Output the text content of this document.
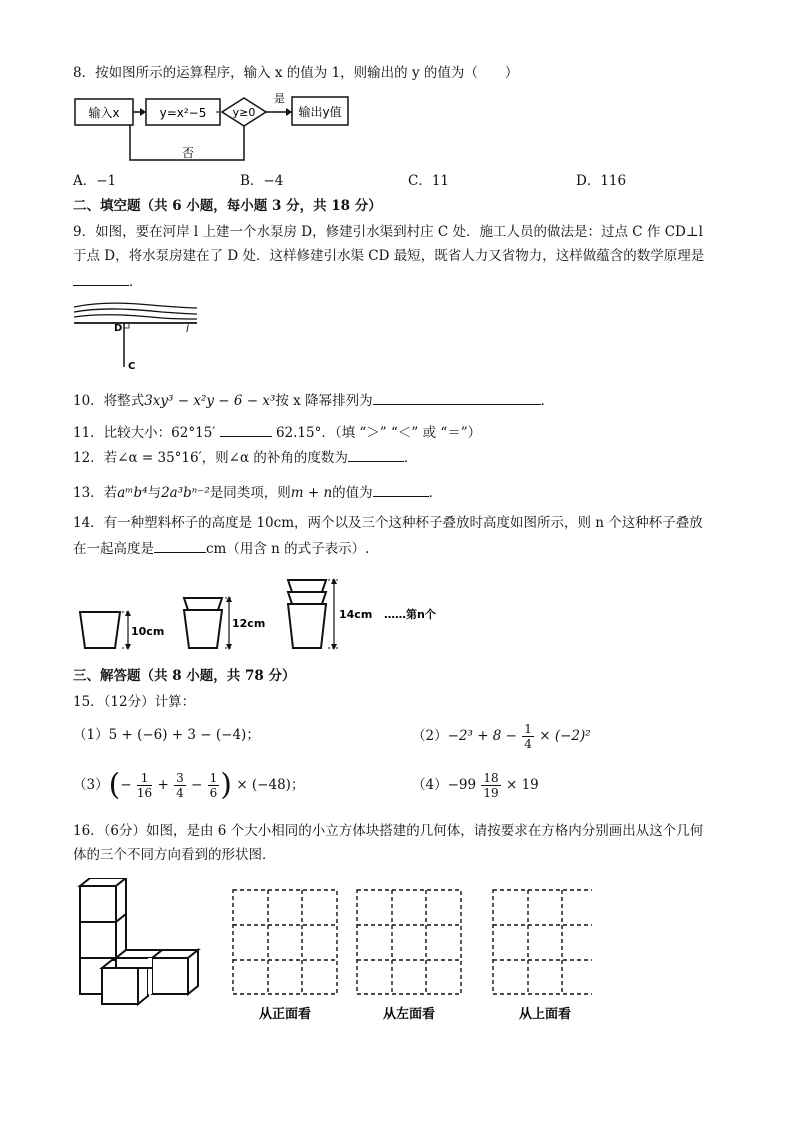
8．按如图所示的运算程序，输入 x 的值为 1，则输出的 y 的值为（　　）
输入x	y=x²−5 y≥0
是
输出y值
否
A．−1	B．−4	C．11	D．116
二、填空题（共 6 小题，每小题 3 分，共 18 分）
9．如图，要在河岸 l 上建一个水泵房 D，修建引水渠到村庄 C 处．施工人员的做法是：过点 C 作 CD⊥l
于点 D，将水泵房建在了 D 处．这样修建引水渠 CD 最短，既省人力又省物力，这样做蕴含的数学原理是
．
D	l
C
10．将整式3xy³ − x²y − 6 − x³按 x 降幂排列为	．
11．比较大小：62°15′	62.15°．（填 “＞” “＜” 或 “＝”）
12．若∠α = 35°16′，则∠α 的补角的度数为	．
13．若aᵐb⁴与2a³bⁿ⁻²是同类项，则m + n的值为	．
14．有一种塑料杯子的高度是 10cm，两个以及三个这种杯子叠放时高度如图所示，则 n 个这种杯子叠放
在一起高度是	cm（用含 n 的式子表示）.
10cm
12cm
14cm ……第n个
三、解答题（共 8 小题，共 78 分）
15．（12分）计算：
（1）5 + (−6) + 3 − (−4)；	$(2)-2^3 + 8 - \frac{1}{4} \times (-2)^2$
$(3)(- \frac{1}{16} + \frac{3}{4} - \frac{1}{6}$ ) × (−48)；	$(4)-99 \frac{18}{19} \times 19$
16．（6分）如图，是由 6 个大小相同的小立方体块搭建的几何体，请按要求在方格内分别画出从这个几何
体的三个不同方向看到的形状图．
从正面看	从左面看	从上面看
